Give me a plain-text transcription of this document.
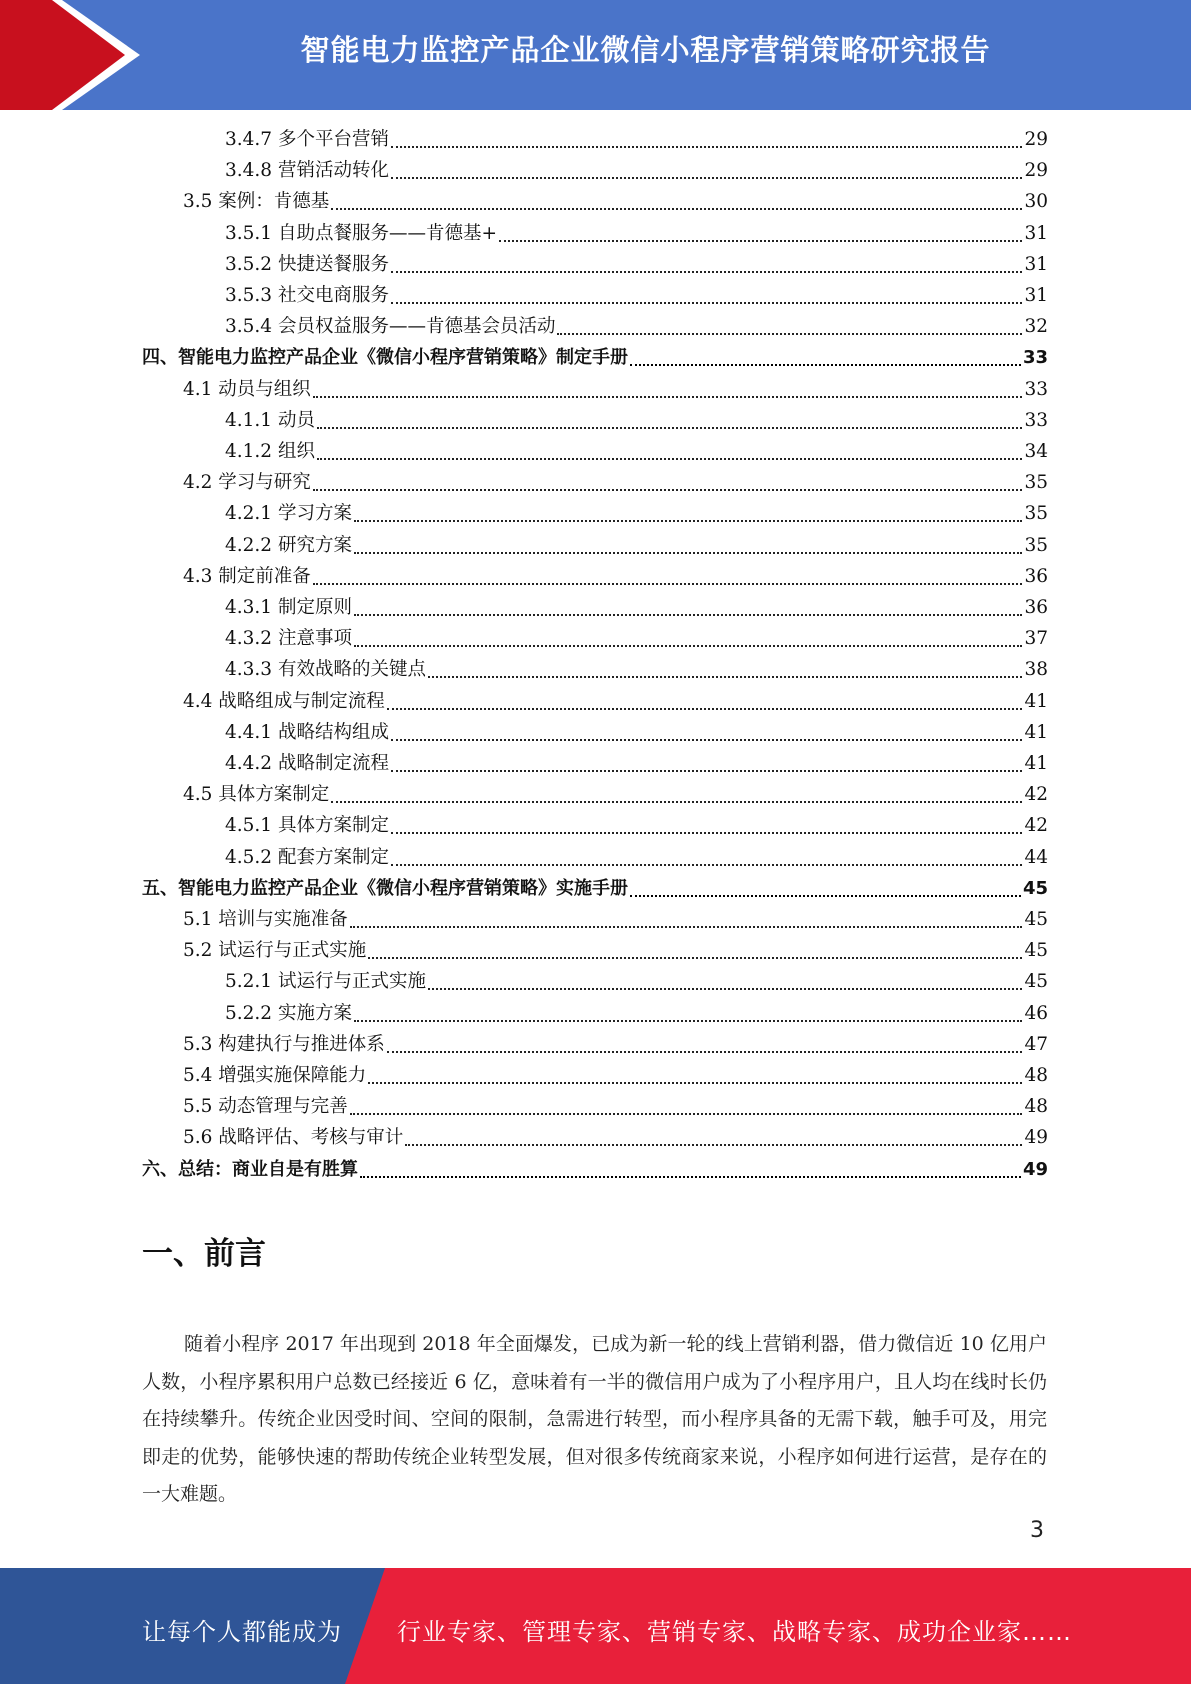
智能电力监控产品企业微信小程序营销策略研究报告
3.4.7 多个平台营销	29
3.4.8 营销活动转化	29
3.5 案例：肯德基	30
3.5.1 自助点餐服务——肯德基+	31
3.5.2 快捷送餐服务	31
3.5.3 社交电商服务	31
3.5.4 会员权益服务——肯德基会员活动	32
四、智能电力监控产品企业《微信小程序营销策略》制定手册	33
4.1 动员与组织	33
4.1.1 动员	33
4.1.2 组织	34
4.2 学习与研究	35
4.2.1 学习方案	35
4.2.2 研究方案	35
4.3 制定前准备	36
4.3.1 制定原则	36
4.3.2 注意事项	37
4.3.3 有效战略的关键点	38
4.4 战略组成与制定流程	41
4.4.1 战略结构组成	41
4.4.2 战略制定流程	41
4.5 具体方案制定	42
4.5.1 具体方案制定	42
4.5.2 配套方案制定	44
五、智能电力监控产品企业《微信小程序营销策略》实施手册	45
5.1 培训与实施准备	45
5.2 试运行与正式实施	45
5.2.1 试运行与正式实施	45
5.2.2 实施方案	46
5.3 构建执行与推进体系	47
5.4 增强实施保障能力	48
5.5 动态管理与完善	48
5.6 战略评估、考核与审计	49
六、总结：商业自是有胜算	49
一、前言
随着小程序 2017 年出现到 2018 年全面爆发，已成为新一轮的线上营销利器，借力微信近 10 亿用户人数，小程序累积用户总数已经接近 6 亿，意味着有一半的微信用户成为了小程序用户，且人均在线时长仍在持续攀升。传统企业因受时间、空间的限制，急需进行转型，而小程序具备的无需下载，触手可及，用完即走的优势，能够快速的帮助传统企业转型发展，但对很多传统商家来说，小程序如何进行运营，是存在的一大难题。
3
让每个人都能成为 行业专家、管理专家、营销专家、战略专家、成功企业家……
